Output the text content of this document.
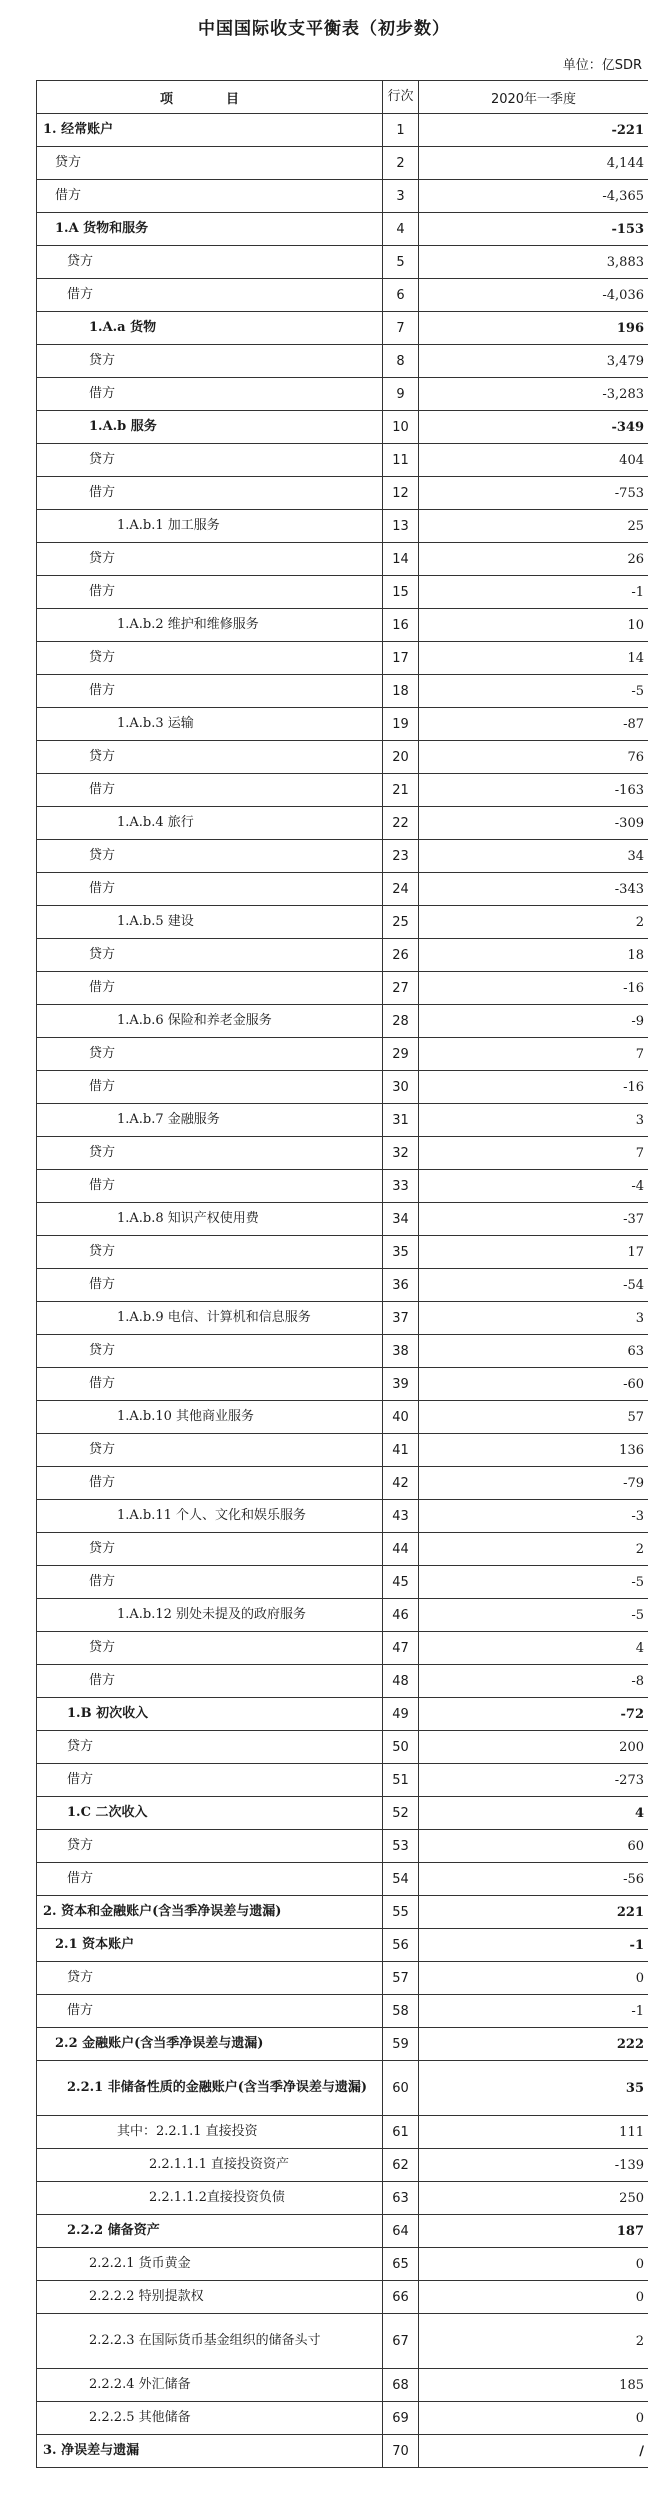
中国国际收支平衡表（初步数）
单位：亿SDR
项　目	行次	2020年一季度
1. 经常账户	1	-221
贷方	2	4,144
借方	3	-4,365
1.A 货物和服务	4	-153
贷方	5	3,883
借方	6	-4,036
1.A.a 货物	7	196
贷方	8	3,479
借方	9	-3,283
1.A.b 服务	10	-349
贷方	11	404
借方	12	-753
1.A.b.1 加工服务	13	25
贷方	14	26
借方	15	-1
1.A.b.2 维护和维修服务	16	10
贷方	17	14
借方	18	-5
1.A.b.3 运输	19	-87
贷方	20	76
借方	21	-163
1.A.b.4 旅行	22	-309
贷方	23	34
借方	24	-343
1.A.b.5 建设	25	2
贷方	26	18
借方	27	-16
1.A.b.6 保险和养老金服务	28	-9
贷方	29	7
借方	30	-16
1.A.b.7 金融服务	31	3
贷方	32	7
借方	33	-4
1.A.b.8 知识产权使用费	34	-37
贷方	35	17
借方	36	-54
1.A.b.9 电信、计算机和信息服务	37	3
贷方	38	63
借方	39	-60
1.A.b.10 其他商业服务	40	57
贷方	41	136
借方	42	-79
1.A.b.11 个人、文化和娱乐服务	43	-3
贷方	44	2
借方	45	-5
1.A.b.12 别处未提及的政府服务	46	-5
贷方	47	4
借方	48	-8
1.B 初次收入	49	-72
贷方	50	200
借方	51	-273
1.C 二次收入	52	4
贷方	53	60
借方	54	-56
2. 资本和金融账户(含当季净误差与遗漏)	55	221
2.1 资本账户	56	-1
贷方	57	0
借方	58	-1
2.2 金融账户(含当季净误差与遗漏)	59	222
2.2.1 非储备性质的金融账户(含当季净误差与遗漏)	60	35
其中：2.2.1.1 直接投资	61	111
2.2.1.1.1 直接投资资产	62	-139
2.2.1.1.2直接投资负债	63	250
2.2.2 储备资产	64	187
2.2.2.1 货币黄金	65	0
2.2.2.2 特别提款权	66	0
2.2.2.3 在国际货币基金组织的储备头寸	67	2
2.2.2.4 外汇储备	68	185
2.2.2.5 其他储备	69	0
3. 净误差与遗漏	70	/
